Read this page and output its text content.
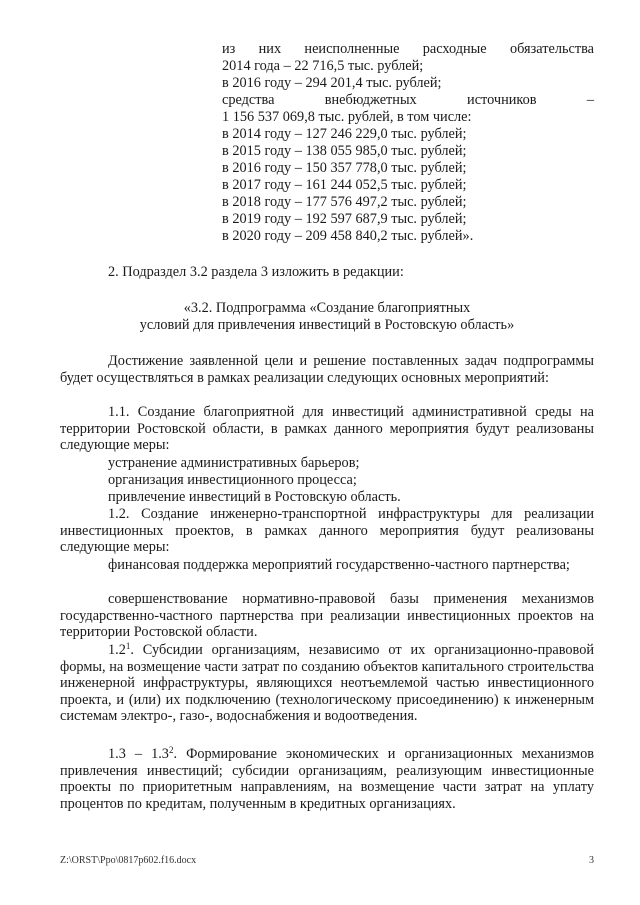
из них неисполненные расходные обязательства
2014 года – 22 716,5 тыс. рублей;
в 2016 году – 294 201,4 тыс. рублей;
средства внебюджетных источников –
1 156 537 069,8 тыс. рублей, в том числе:
в 2014 году – 127 246 229,0 тыс. рублей;
в 2015 году – 138 055 985,0 тыс. рублей;
в 2016 году – 150 357 778,0 тыс. рублей;
в 2017 году – 161 244 052,5 тыс. рублей;
в 2018 году – 177 576 497,2 тыс. рублей;
в 2019 году – 192 597 687,9 тыс. рублей;
в 2020 году – 209 458 840,2 тыс. рублей».
2. Подраздел 3.2 раздела 3 изложить в редакции:
«3.2. Подпрограмма «Создание благоприятных
условий для привлечения инвестиций в Ростовскую область»
Достижение заявленной цели и решение поставленных задач подпрограммы будет осуществляться в рамках реализации следующих основных мероприятий:
1.1. Создание благоприятной для инвестиций административной среды на территории Ростовской области, в рамках данного мероприятия будут реализованы следующие меры:
устранение административных барьеров;
организация инвестиционного процесса;
привлечение инвестиций в Ростовскую область.
1.2. Создание инженерно-транспортной инфраструктуры для реализации инвестиционных проектов, в рамках данного мероприятия будут реализованы следующие меры:
финансовая поддержка мероприятий государственно-частного партнерства;
совершенствование нормативно-правовой базы применения механизмов государственно-частного партнерства при реализации инвестиционных проектов на территории Ростовской области.
$1.2^1$. Субсидии организациям, независимо от их организационно-правовой формы, на возмещение части затрат по созданию объектов капитального строительства инженерной инфраструктуры, являющихся неотъемлемой частью инвестиционного проекта, и (или) их подключению (технологическому присоединению) к инженерным системам электро-, газо-, водоснабжения и водоотведения.
$1.3 - 1.3^2$. Формирование экономических и организационных механизмов привлечения инвестиций; субсидии организациям, реализующим инвестиционные проекты по приоритетным направлениям, на возмещение части затрат на уплату процентов по кредитам, полученным в кредитных организациях.
Z:\ORST\Ppo\0817p602.f16.docx	3
